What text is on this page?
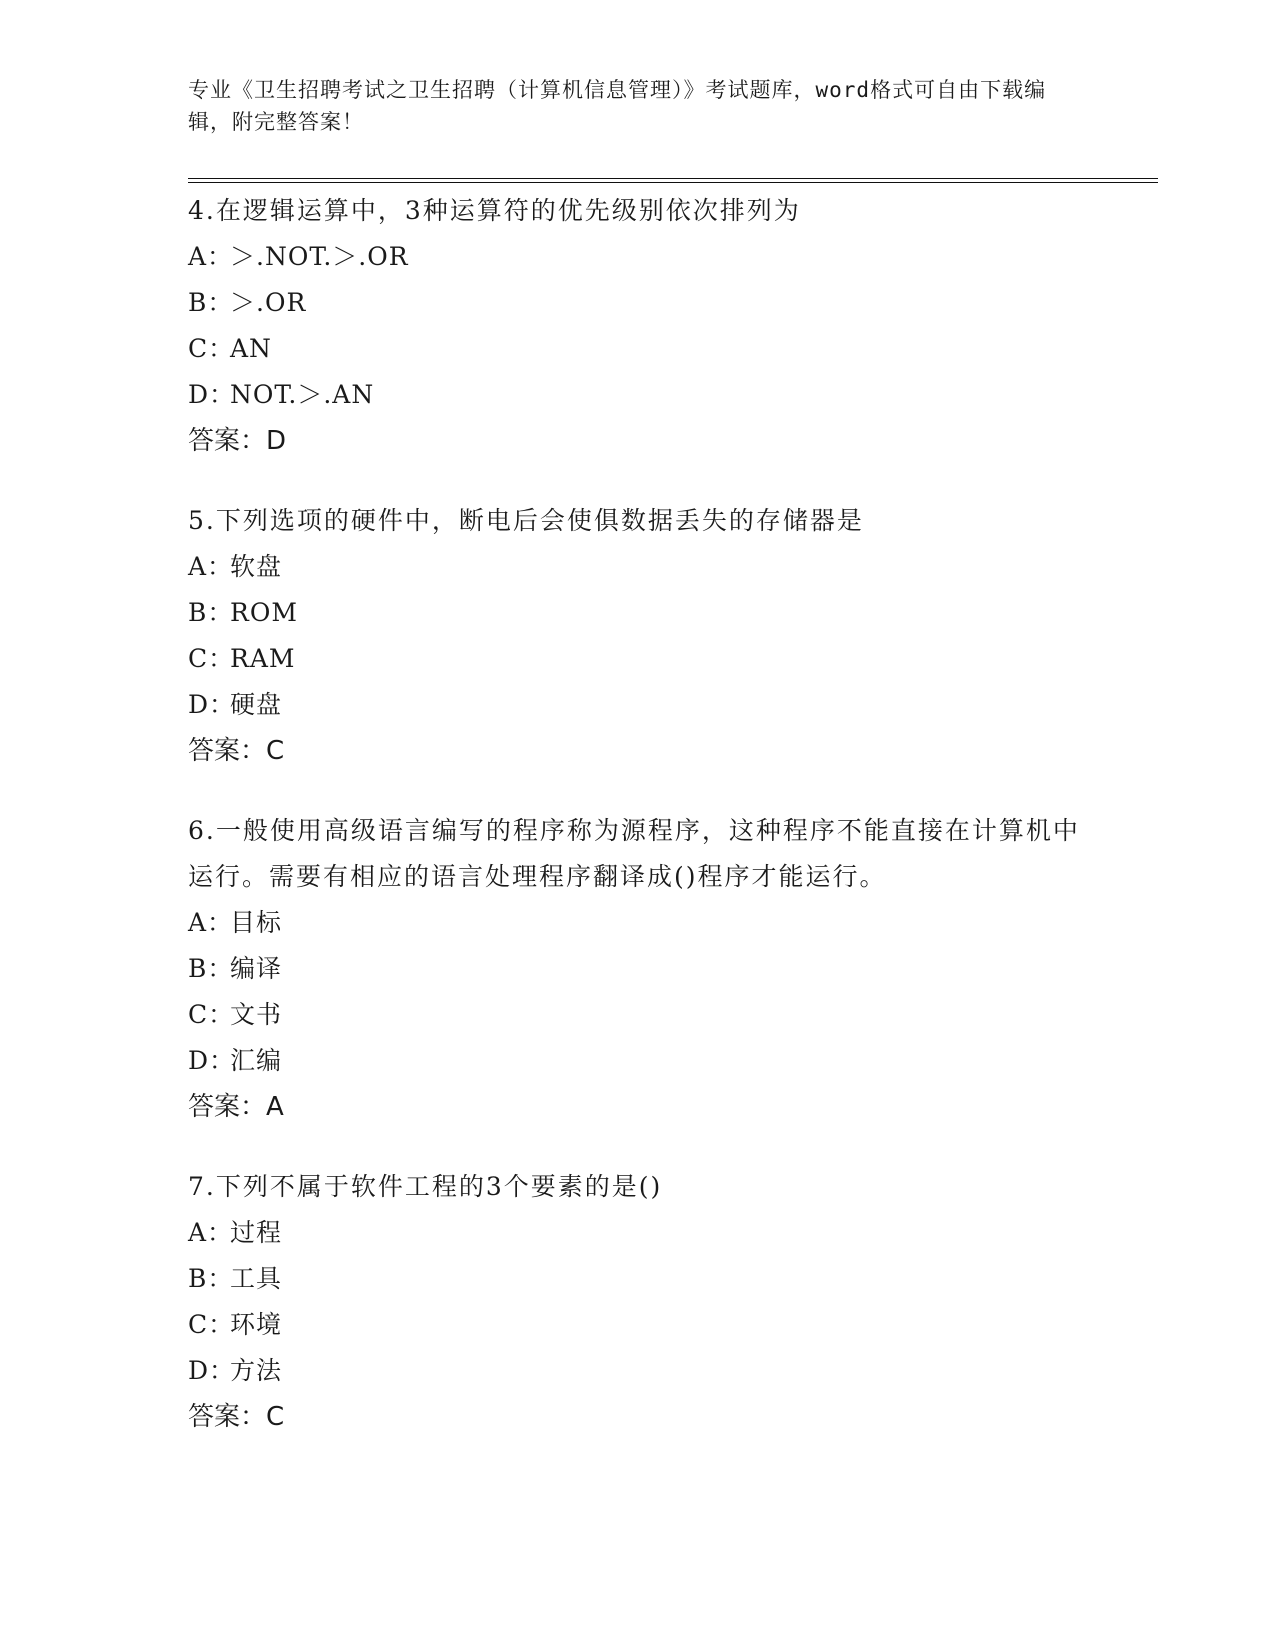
专业《卫生招聘考试之卫生招聘（计算机信息管理）》考试题库，word格式可自由下载编辑，附完整答案！

4.在逻辑运算中，3种运算符的优先级别依次排列为

A：
＞.NOT.＞.OR
B：
＞.OR
C：
AN
D：
NOT.＞.AN

答案：D

5.下列选项的硬件中，断电后会使俱数据丢失的存储器是

A：
软盘
B：
ROM
C：
RAM
D：
硬盘

答案：C

6.一般使用高级语言编写的程序称为源程序，这种程序不能直接在计算机中运行。需要有相应的语言处理程序翻译成()程序才能运行。

A：
目标
B：
编译
C：
文书
D：
汇编

答案：A

7.下列不属于软件工程的3个要素的是()

A：
过程
B：
工具
C：
环境
D：
方法

答案：C
